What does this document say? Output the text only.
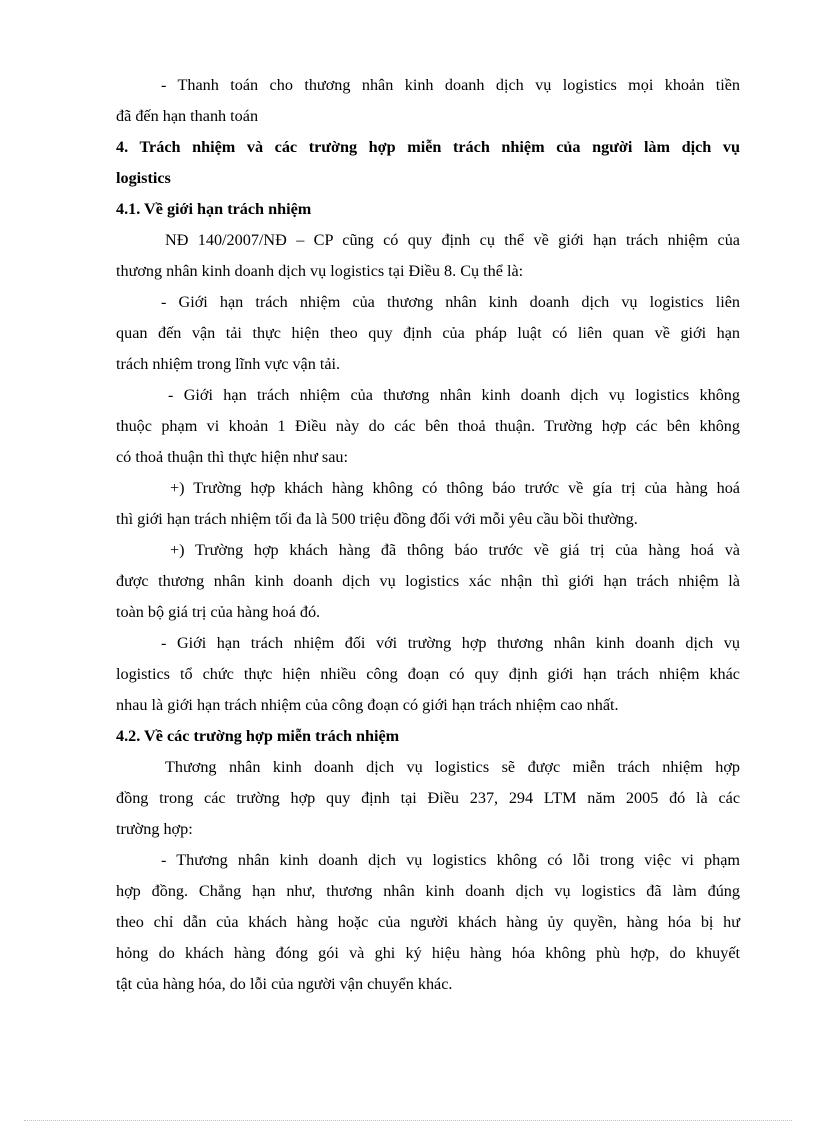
- Thanh toán cho thương nhân kinh doanh dịch vụ logistics mọi khoản tiền
đã đến hạn thanh toán
4. Trách nhiệm và các trường hợp miễn trách nhiệm của người làm dịch vụ
logistics
4.1. Về giới hạn trách nhiệm
NĐ 140/2007/NĐ – CP cũng có quy định cụ thể về giới hạn trách nhiệm của
thương nhân kinh doanh dịch vụ logistics tại Điều 8. Cụ thể là:
- Giới hạn trách nhiệm của thương nhân kinh doanh dịch vụ logistics liên
quan đến vận tải thực hiện theo quy định của pháp luật có liên quan về giới hạn
trách nhiệm trong lĩnh vực vận tải.
- Giới hạn trách nhiệm của thương nhân kinh doanh dịch vụ logistics không
thuộc phạm vi khoản 1 Điều này do các bên thoả thuận. Trường hợp các bên không
có thoả thuận thì thực hiện như sau:
+) Trường hợp khách hàng không có thông báo trước về gía trị của hàng hoá
thì giới hạn trách nhiệm tối đa là 500 triệu đồng đối với mỗi yêu cầu bồi thường.
+) Trường hợp khách hàng đã thông báo trước về giá trị của hàng hoá và
được thương nhân kinh doanh dịch vụ logistics xác nhận thì giới hạn trách nhiệm là
toàn bộ giá trị của hàng hoá đó.
- Giới hạn trách nhiệm đối với trường hợp thương nhân kinh doanh dịch vụ
logistics tổ chức thực hiện nhiều công đoạn có quy định giới hạn trách nhiệm khác
nhau là giới hạn trách nhiệm của công đoạn có giới hạn trách nhiệm cao nhất.
4.2. Về các trường hợp miễn trách nhiệm
Thương nhân kinh doanh dịch vụ logistics sẽ được miễn trách nhiệm hợp
đồng trong các trường hợp quy định tại Điều 237, 294 LTM năm 2005 đó là các
trường hợp:
- Thương nhân kinh doanh dịch vụ logistics không có lỗi trong việc vi phạm
hợp đồng. Chẳng hạn như, thương nhân kinh doanh dịch vụ logistics đã làm đúng
theo chỉ dẫn của khách hàng hoặc của người khách hàng ủy quyền, hàng hóa bị hư
hỏng do khách hàng đóng gói và ghi ký hiệu hàng hóa không phù hợp, do khuyết
tật của hàng hóa, do lỗi của người vận chuyển khác.
